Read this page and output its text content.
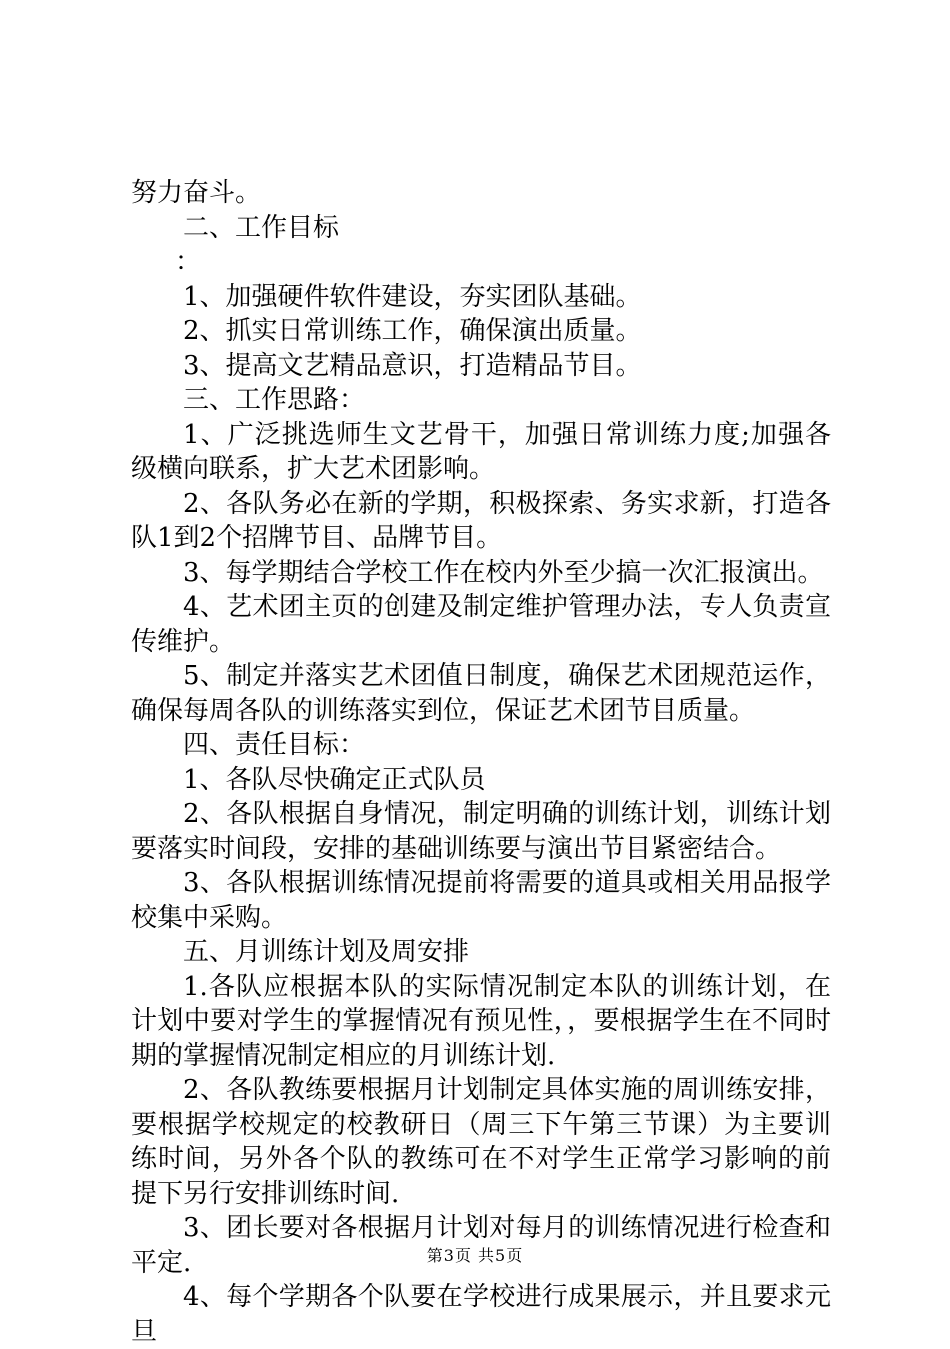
努力奋斗。

二、工作目标

：

1、加强硬件软件建设，夯实团队基础。

2、抓实日常训练工作，确保演出质量。

3、提高文艺精品意识，打造精品节目。

三、工作思路：

1、广泛挑选师生文艺骨干，加强日常训练力度;加强各级横向联系，扩大艺术团影响。

2、各队务必在新的学期，积极探索、务实求新，打造各队1到2个招牌节目、品牌节目。

3、每学期结合学校工作在校内外至少搞一次汇报演出。

4、艺术团主页的创建及制定维护管理办法，专人负责宣传维护。

5、制定并落实艺术团值日制度，确保艺术团规范运作，确保每周各队的训练落实到位，保证艺术团节目质量。

四、责任目标：

1、各队尽快确定正式队员

2、各队根据自身情况，制定明确的训练计划，训练计划要落实时间段，安排的基础训练要与演出节目紧密结合。

3、各队根据训练情况提前将需要的道具或相关用品报学校集中采购。

五、月训练计划及周安排

1.各队应根据本队的实际情况制定本队的训练计划，在计划中要对学生的掌握情况有预见性，，要根据学生在不同时期的掌握情况制定相应的月训练计划.

2、各队教练要根据月计划制定具体实施的周训练安排，要根据学校规定的校教研日（周三下午第三节课）为主要训练时间，另外各个队的教练可在不对学生正常学习影响的前提下另行安排训练时间.

3、团长要对各根据月计划对每月的训练情况进行检查和平定.

4、每个学期各个队要在学校进行成果展示，并且要求元旦

第3页 共5页
